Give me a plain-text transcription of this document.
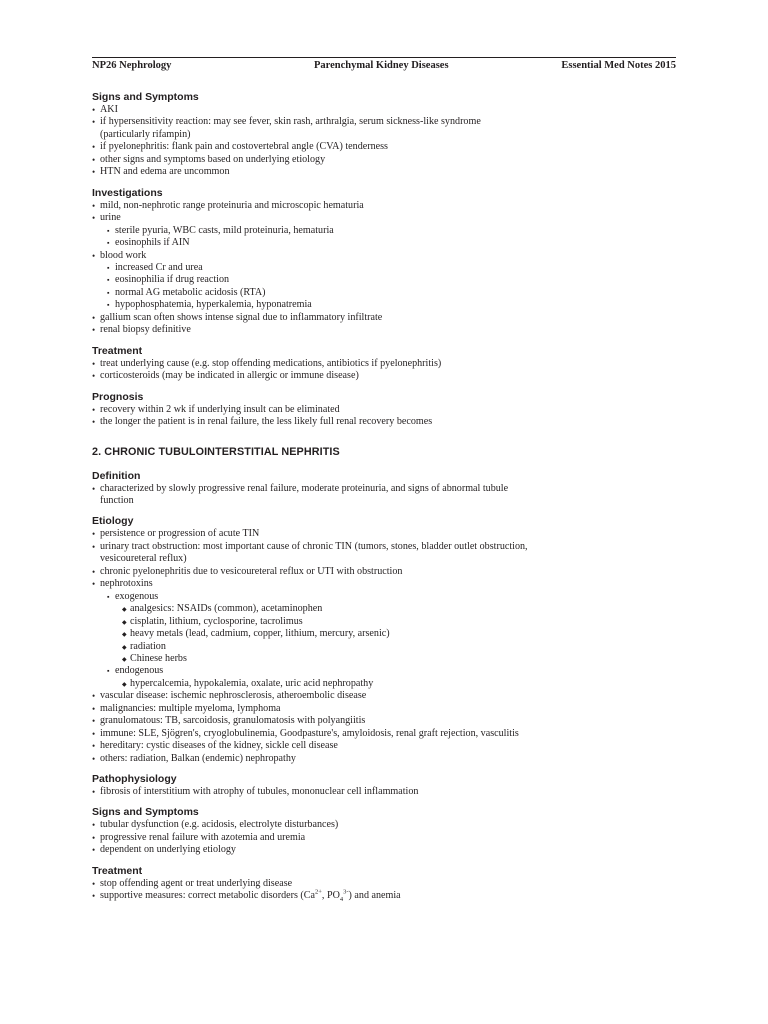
NP26 Nephrology	Parenchymal Kidney Diseases	Essential Med Notes 2015
Signs and Symptoms
• AKI
• if hypersensitivity reaction: may see fever, skin rash, arthralgia, serum sickness-like syndrome (particularly rifampin)
• if pyelonephritis: flank pain and costovertebral angle (CVA) tenderness
• other signs and symptoms based on underlying etiology
• HTN and edema are uncommon
Investigations
• mild, non-nephrotic range proteinuria and microscopic hematuria
• urine
▪ sterile pyuria, WBC casts, mild proteinuria, hematuria
▪ eosinophils if AIN
• blood work
▪ increased Cr and urea
▪ eosinophilia if drug reaction
▪ normal AG metabolic acidosis (RTA)
▪ hypophosphatemia, hyperkalemia, hyponatremia
• gallium scan often shows intense signal due to inflammatory infiltrate
• renal biopsy definitive
Treatment
• treat underlying cause (e.g. stop offending medications, antibiotics if pyelonephritis)
• corticosteroids (may be indicated in allergic or immune disease)
Prognosis
• recovery within 2 wk if underlying insult can be eliminated
• the longer the patient is in renal failure, the less likely full renal recovery becomes
2. CHRONIC TUBULOINTERSTITIAL NEPHRITIS
Definition
• characterized by slowly progressive renal failure, moderate proteinuria, and signs of abnormal tubule function
Etiology
• persistence or progression of acute TIN
• urinary tract obstruction: most important cause of chronic TIN (tumors, stones, bladder outlet obstruction, vesicoureteral reflux)
• chronic pyelonephritis due to vesicoureteral reflux or UTI with obstruction
• nephrotoxins
▪ exogenous
◆ analgesics: NSAIDs (common), acetaminophen
◆ cisplatin, lithium, cyclosporine, tacrolimus
◆ heavy metals (lead, cadmium, copper, lithium, mercury, arsenic)
◆ radiation
◆ Chinese herbs
▪ endogenous
◆ hypercalcemia, hypokalemia, oxalate, uric acid nephropathy
• vascular disease: ischemic nephrosclerosis, atheroembolic disease
• malignancies: multiple myeloma, lymphoma
• granulomatous: TB, sarcoidosis, granulomatosis with polyangiitis
• immune: SLE, Sjögren's, cryoglobulinemia, Goodpasture's, amyloidosis, renal graft rejection, vasculitis
• hereditary: cystic diseases of the kidney, sickle cell disease
• others: radiation, Balkan (endemic) nephropathy
Pathophysiology
• fibrosis of interstitium with atrophy of tubules, mononuclear cell inflammation
Signs and Symptoms
• tubular dysfunction (e.g. acidosis, electrolyte disturbances)
• progressive renal failure with azotemia and uremia
• dependent on underlying etiology
Treatment
• stop offending agent or treat underlying disease
• supportive measures: correct metabolic disorders ($Ca^{2+}$, $PO_4^{3-}$) and anemia
